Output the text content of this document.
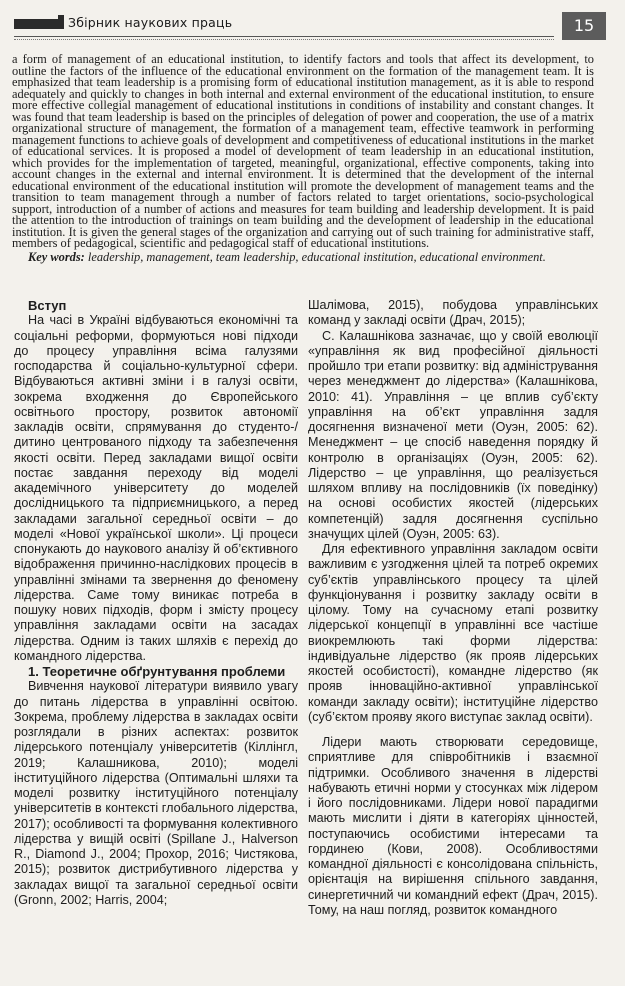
Збірник наукових праць	15

a form of management of an educational institution, to identify factors and tools that affect its development, to outline the factors of the influence of the educational environment on the formation of the management team. It is emphasized that team leadership is a promising form of educational institution management, as it is able to respond adequately and quickly to changes in both internal and external environment of the educational institution, to ensure more effective collegial management of educational institutions in conditions of instability and constant changes. It was found that team leadership is based on the principles of delegation of power and cooperation, the use of a matrix organizational structure of management, the formation of a management team, effective teamwork in performing management functions to achieve goals of development and competitiveness of educational institutions in the market of educational services. It is proposed a model of development of team leadership in an educational institution, which provides for the implementation of targeted, meaningful, organizational, effective components, taking into account changes in the external and internal environment. It is determined that the development of the internal educational environment of the educational institution will promote the development of management teams and the transition to team management through a number of factors related to target orientations, socio-psychological support, introduction of a number of actions and measures for team building and leadership development. It is paid the attention to the introduction of trainings on team building and the development of leadership in the educational institution. It is given the general stages of the organization and carrying out of such training for administrative staff, members of pedagogical, scientific and pedagogical staff of educational institutions.

Key words: leadership, management, team leadership, educational institution, educational environment.

Вступ

На часі в Україні відбуваються економічні та соціальні реформи, формуються нові підходи до процесу управління всіма галузями господарства й соціально-культурної сфери. Відбуваються активні зміни і в галузі освіти, зокрема входження до Європейського освітнього простору, розвиток автономії закладів освіти, спрямування до студенто-/дитино центрованого підходу та забезпечення якості освіти. Перед закладами вищої освіти постає завдання переходу від моделі академічного університету до моделей дослідницького та підприємницького, а перед закладами загальної середньої освіти – до моделі «Нової української школи». Ці процеси спонукають до наукового аналізу й об’єктивного відображення причинно-наслідкових процесів в управлінні змінами та звернення до феномену лідерства. Саме тому виникає потреба в пошуку нових підходів, форм і змісту процесу управління закладами освіти на засадах лідерства. Одним із таких шляхів є перехід до командного лідерства.

1. Теоретичне обґрунтування проблеми

Вивчення наукової літератури виявило увагу до питань лідерства в управлінні освітою. Зокрема, проблему лідерства в закладах освіти розглядали в різних аспектах: розвиток лідерського потенціалу університетів (Кіллінгл, 2019; Калашникова, 2010); моделі інституційного лідерства (Оптимальні шляхи та моделі розвитку інституційного потенціалу університетів в контексті глобального лідерства, 2017); особливості та формування колективного лідерства у вищій освіті (Spillane J., Halverson R., Diamond J., 2004; Прохор, 2016; Чистякова, 2015); розвиток дистрибутивного лідерства у закладах вищої та загальної середньої освіти (Gronn, 2002; Harris, 2004;

Шалімова, 2015), побудова управлінських команд у закладі освіти (Драч, 2015);

С. Калашнікова зазначає, що у своїй еволюції «управління як вид професійної діяльності пройшло три етапи розвитку: від адміністрування через менеджмент до лідерства» (Калашнікова, 2010: 41). Управління – це вплив суб’єкту управління на об’єкт управління задля досягнення визначеної мети (Оуэн, 2005: 62). Менеджмент – це спосіб наведення порядку й контролю в організаціях (Оуэн, 2005: 62). Лідерство – це управління, що реалізується шляхом впливу на послідовників (їх поведінку) на основі особистих якостей (лідерських компетенцій) задля досягнення суспільно значущих цілей (Оуэн, 2005: 63).

Для ефективного управління закладом освіти важливим є узгодження цілей та потреб окремих суб’єктів управлінського процесу та цілей функціонування і розвитку закладу освіти в цілому. Тому на сучасному етапі розвитку лідерської концепції в управлінні все частіше виокремлюють такі форми лідерства: індивідуальне лідерство (як прояв лідерських якостей особистості), командне лідерство (як прояв інноваційно-активної управлінської команди закладу освіти); інституційне лідерство (суб’єктом прояву якого виступає заклад освіти).

Лідери мають створювати середовище, сприятливе для співробітників і взаємної підтримки. Особливого значення в лідерстві набувають етичні норми у стосунках між лідером і його послідовниками. Лідери нової парадигми мають мислити і діяти в категоріях цінностей, поступаючись особистими інтересами та гординею (Кови, 2008). Особливостями командної діяльності є консолідована спільність, орієнтація на вирішення спільного завдання, синергетичний чи командний ефект (Драч, 2015). Тому, на наш погляд, розвиток командного
